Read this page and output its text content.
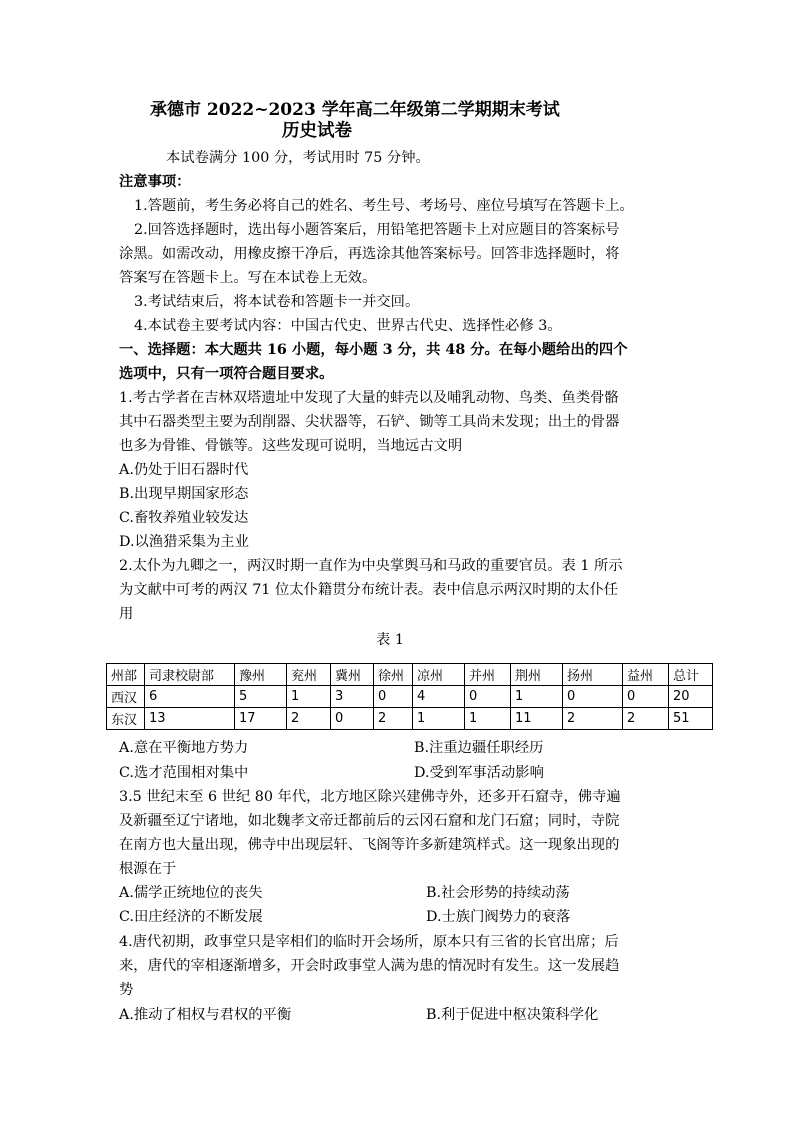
承德市 2022~2023 学年高二年级第二学期期末考试
历史试卷
本试卷满分 100 分，考试用时 75 分钟。
注意事项：
1.答题前，考生务必将自己的姓名、考生号、考场号、座位号填写在答题卡上。
2.回答选择题时，选出每小题答案后，用铅笔把答题卡上对应题目的答案标号
涂黑。如需改动，用橡皮擦干净后，再选涂其他答案标号。回答非选择题时，将
答案写在答题卡上。写在本试卷上无效。
3.考试结束后，将本试卷和答题卡一并交回。
4.本试卷主要考试内容：中国古代史、世界古代史、选择性必修 3。
一、选择题：本大题共 16 小题，每小题 3 分，共 48 分。在每小题给出的四个
选项中，只有一项符合题目要求。
1.考古学者在吉林双塔遗址中发现了大量的蚌壳以及哺乳动物、鸟类、鱼类骨骼
其中石器类型主要为刮削器、尖状器等，石铲、锄等工具尚未发现；出土的骨器
也多为骨锥、骨镞等。这些发现可说明，当地远古文明
A.仍处于旧石器时代
B.出现早期国家形态
C.畜牧养殖业较发达
D.以渔猎采集为主业
2.太仆为九卿之一，两汉时期一直作为中央掌舆马和马政的重要官员。表 1 所示
为文献中可考的两汉 71 位太仆籍贯分布统计表。表中信息示两汉时期的太仆任
用
表 1
州部	司隶校尉部	豫州	兖州	冀州	徐州	凉州	并州	荆州	扬州	益州	总计
西汉	6	5	1	3	0	4	0	1	0	0	20
东汉	13	17	2	0	2	1	1	11	2	2	51
A.意在平衡地方势力	B.注重边疆任职经历
C.选才范围相对集中	D.受到军事活动影响
3.5 世纪末至 6 世纪 80 年代，北方地区除兴建佛寺外，还多开石窟寺，佛寺遍
及新疆至辽宁诸地，如北魏孝文帝迁都前后的云冈石窟和龙门石窟；同时，寺院
在南方也大量出现，佛寺中出现层轩、飞阁等许多新建筑样式。这一现象出现的
根源在于
A.儒学正统地位的丧失	B.社会形势的持续动荡
C.田庄经济的不断发展	D.士族门阀势力的衰落
4.唐代初期，政事堂只是宰相们的临时开会场所，原本只有三省的长官出席；后
来，唐代的宰相逐渐增多，开会时政事堂人满为患的情况时有发生。这一发展趋
势
A.推动了相权与君权的平衡	B.利于促进中枢决策科学化
